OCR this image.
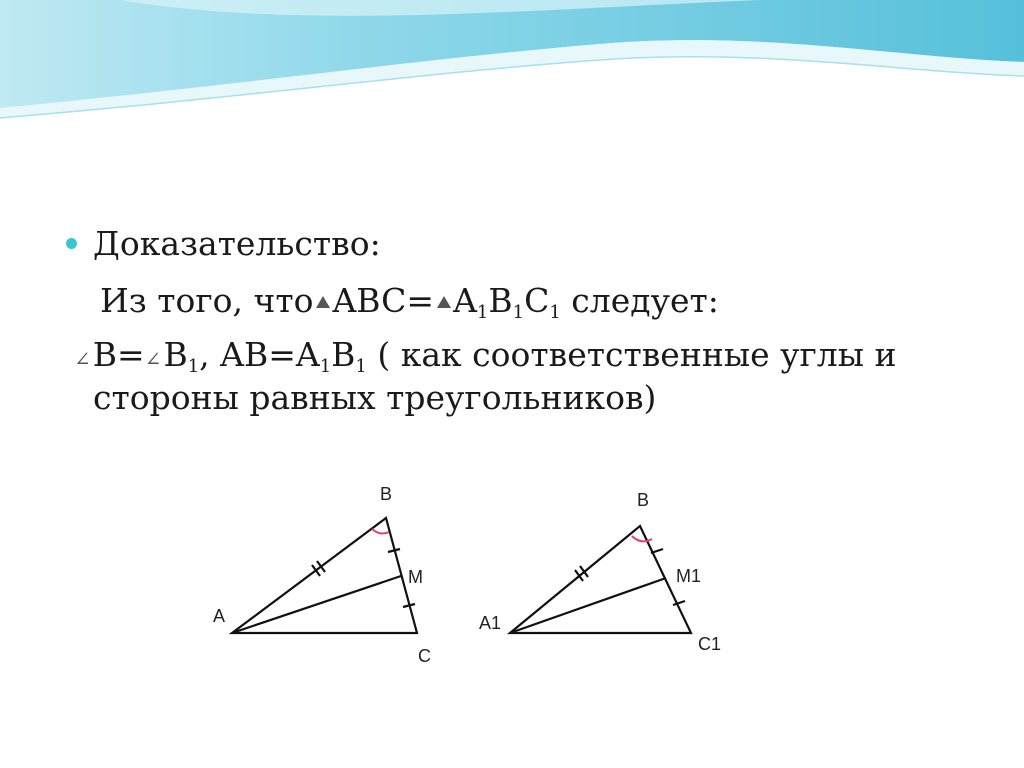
Доказательство:
Из того, что $ABC= A_1B_1C_1$ следует:
$\angle B=\angle B_1$, $AB=A_1B_1$ ( как соответственные углы и
стороны равных треугольников)
B
M
A
C
B
M1
A1
C1
